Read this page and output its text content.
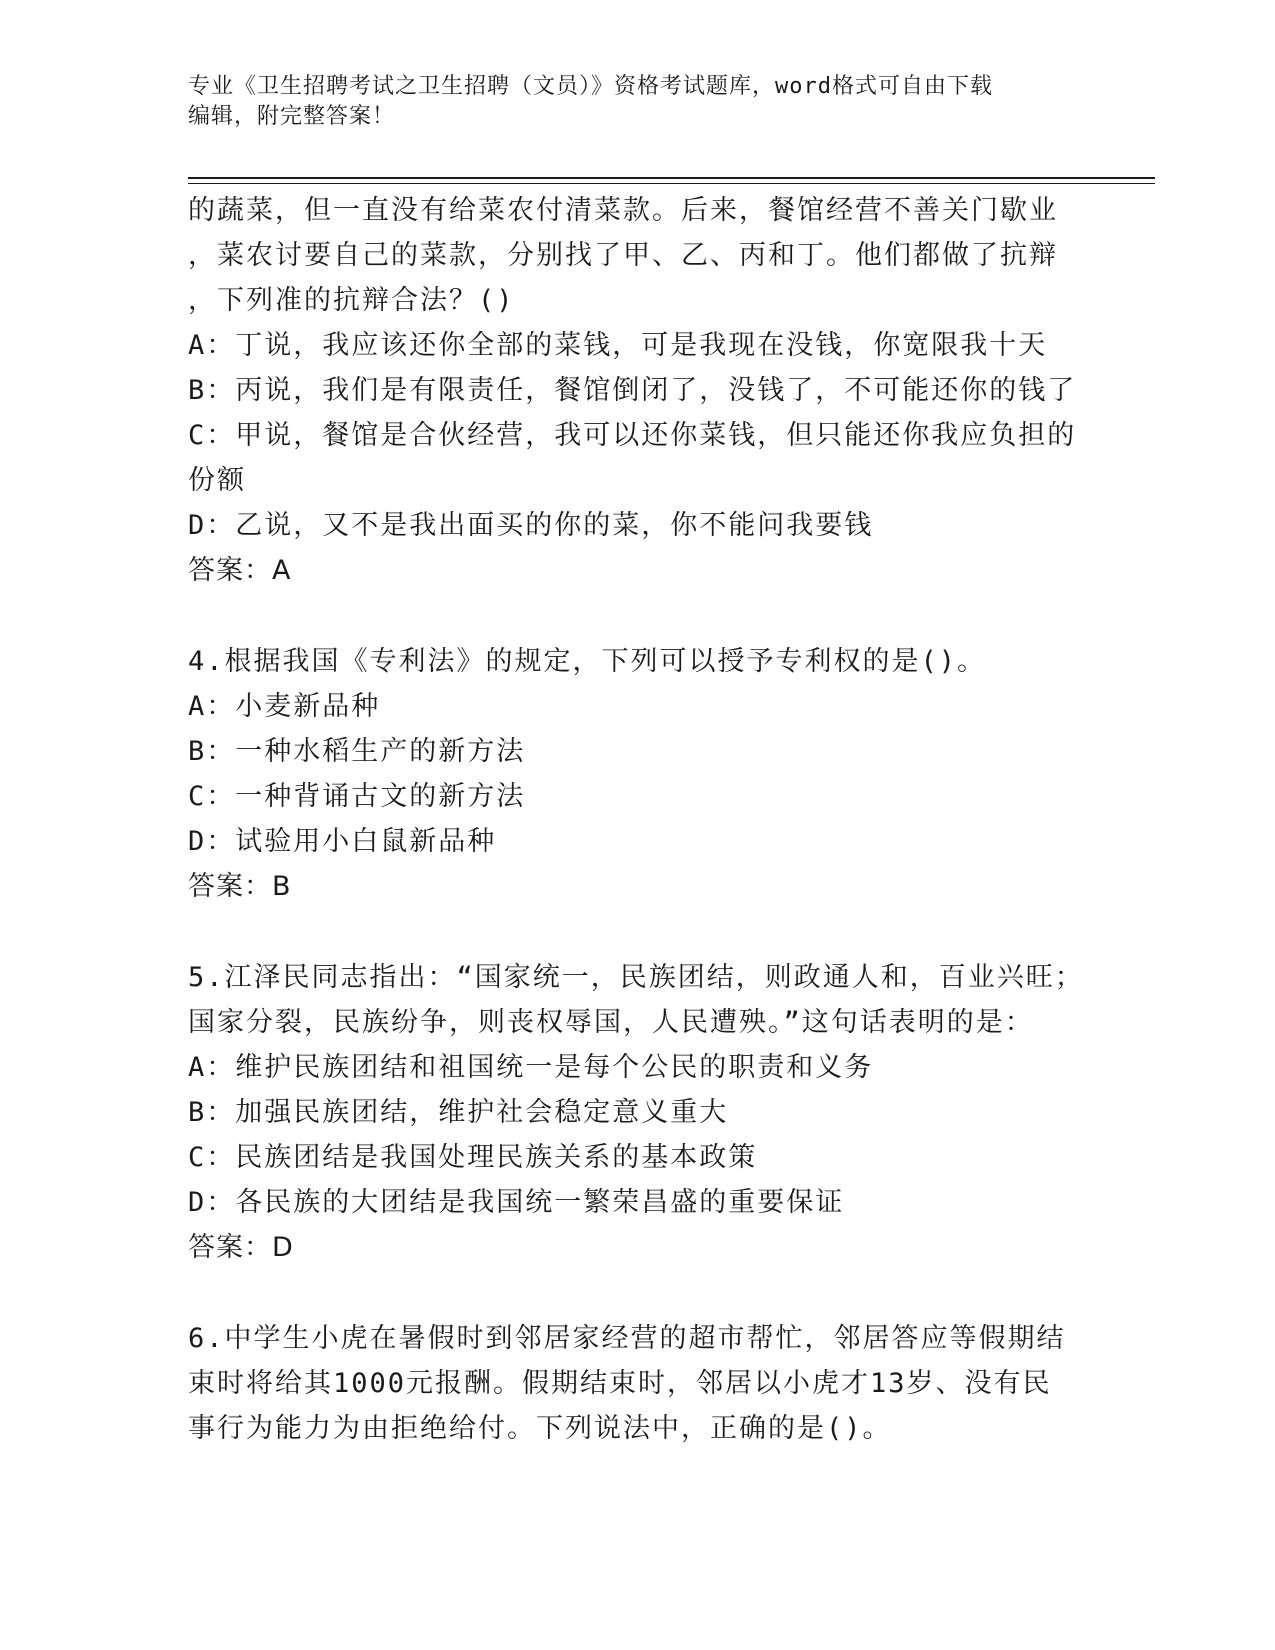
专业《卫生招聘考试之卫生招聘（文员）》资格考试题库，word格式可自由下载
编辑，附完整答案！
的蔬菜，但一直没有给菜农付清菜款。后来，餐馆经营不善关门歇业
，菜农讨要自己的菜款，分别找了甲、乙、丙和丁。他们都做了抗辩
，下列准的抗辩合法？()
A：丁说，我应该还你全部的菜钱，可是我现在没钱，你宽限我十天
B：丙说，我们是有限责任，餐馆倒闭了，没钱了，不可能还你的钱了
C：甲说，餐馆是合伙经营，我可以还你菜钱，但只能还你我应负担的
份额
D：乙说，又不是我出面买的你的菜，你不能问我要钱
答案：A
4.根据我国《专利法》的规定，下列可以授予专利权的是()。
A：小麦新品种
B：一种水稻生产的新方法
C：一种背诵古文的新方法
D：试验用小白鼠新品种
答案：B
5.江泽民同志指出：“国家统一，民族团结，则政通人和，百业兴旺；
国家分裂，民族纷争，则丧权辱国，人民遭殃。”这句话表明的是：
A：维护民族团结和祖国统一是每个公民的职责和义务
B：加强民族团结，维护社会稳定意义重大
C：民族团结是我国处理民族关系的基本政策
D：各民族的大团结是我国统一繁荣昌盛的重要保证
答案：D
6.中学生小虎在暑假时到邻居家经营的超市帮忙，邻居答应等假期结
束时将给其1000元报酬。假期结束时，邻居以小虎才13岁、没有民
事行为能力为由拒绝给付。下列说法中，正确的是()。
